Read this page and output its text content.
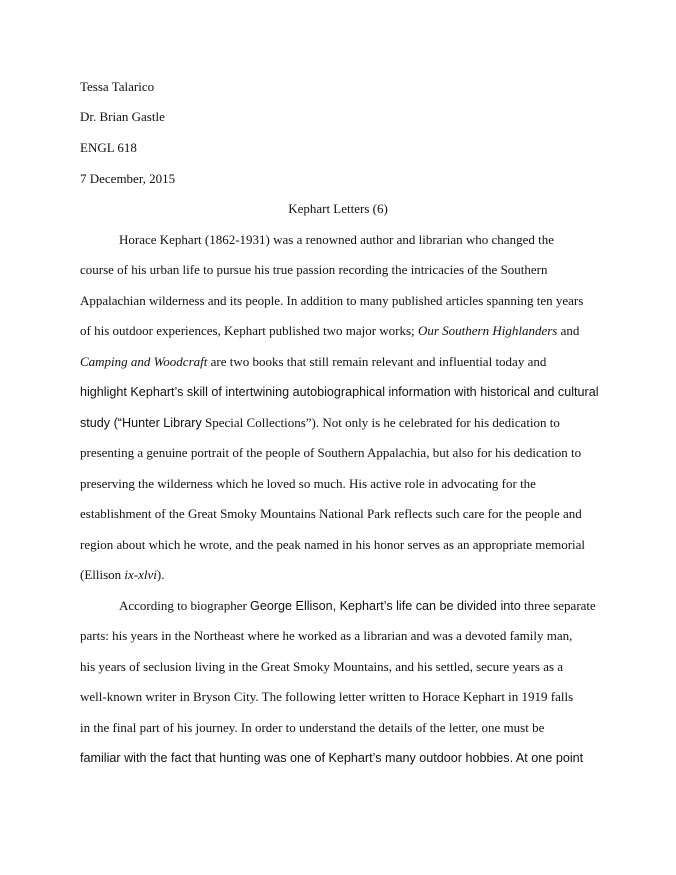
Tessa Talarico
Dr. Brian Gastle
ENGL 618
7 December, 2015
Kephart Letters (6)
Horace Kephart (1862-1931) was a renowned author and librarian who changed the
course of his urban life to pursue his true passion recording the intricacies of the Southern
Appalachian wilderness and its people. In addition to many published articles spanning ten years
of his outdoor experiences, Kephart published two major works; Our Southern Highlanders and
Camping and Woodcraft are two books that still remain relevant and influential today and
highlight Kephart’s skill of intertwining autobiographical information with historical and cultural
study (“Hunter Library Special Collections”). Not only is he celebrated for his dedication to
presenting a genuine portrait of the people of Southern Appalachia, but also for his dedication to
preserving the wilderness which he loved so much. His active role in advocating for the
establishment of the Great Smoky Mountains National Park reflects such care for the people and
region about which he wrote, and the peak named in his honor serves as an appropriate memorial
(Ellison ix-xlvi).
According to biographer George Ellison, Kephart’s life can be divided into three separate
parts: his years in the Northeast where he worked as a librarian and was a devoted family man,
his years of seclusion living in the Great Smoky Mountains, and his settled, secure years as a
well-known writer in Bryson City. The following letter written to Horace Kephart in 1919 falls
in the final part of his journey. In order to understand the details of the letter, one must be
familiar with the fact that hunting was one of Kephart’s many outdoor hobbies. At one point
